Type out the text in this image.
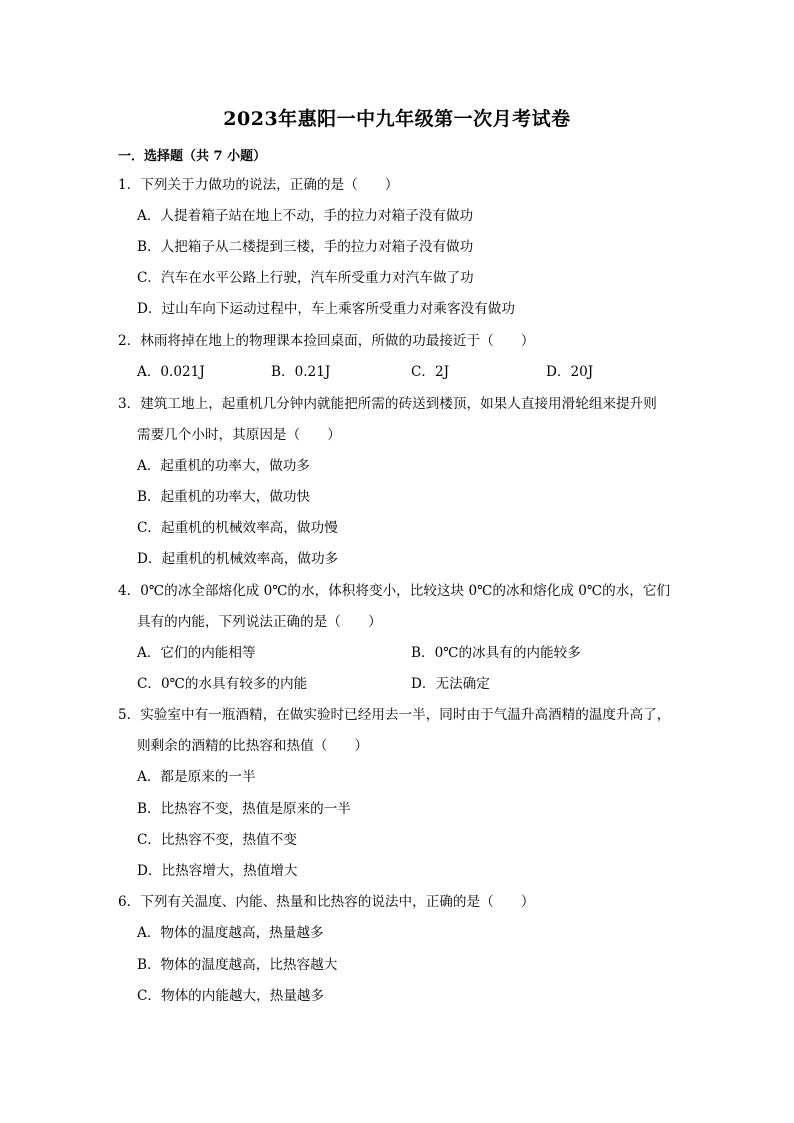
2023年惠阳一中九年级第一次月考试卷
一．选择题（共 7 小题）
1．下列关于力做功的说法，正确的是（　　）
A．人提着箱子站在地上不动，手的拉力对箱子没有做功
B．人把箱子从二楼提到三楼，手的拉力对箱子没有做功
C．汽车在水平公路上行驶，汽车所受重力对汽车做了功
D．过山车向下运动过程中，车上乘客所受重力对乘客没有做功
2．林雨将掉在地上的物理课本捡回桌面，所做的功最接近于（　　）
A．0.021J	B．0.21J	C．2J	D．20J
3．建筑工地上，起重机几分钟内就能把所需的砖送到楼顶，如果人直接用滑轮组来提升则
需要几个小时，其原因是（　　）
A．起重机的功率大，做功多
B．起重机的功率大，做功快
C．起重机的机械效率高，做功慢
D．起重机的机械效率高，做功多
4．0℃的冰全部熔化成 0℃的水，体积将变小，比较这块 0℃的冰和熔化成 0℃的水，它们
具有的内能，下列说法正确的是（　　）
A．它们的内能相等	B．0℃的冰具有的内能较多
C．0℃的水具有较多的内能	D．无法确定
5．实验室中有一瓶酒精，在做实验时已经用去一半，同时由于气温升高酒精的温度升高了，
则剩余的酒精的比热容和热值（　　）
A．都是原来的一半
B．比热容不变，热值是原来的一半
C．比热容不变，热值不变
D．比热容增大，热值增大
6．下列有关温度、内能、热量和比热容的说法中，正确的是（　　）
A．物体的温度越高，热量越多
B．物体的温度越高，比热容越大
C．物体的内能越大，热量越多
